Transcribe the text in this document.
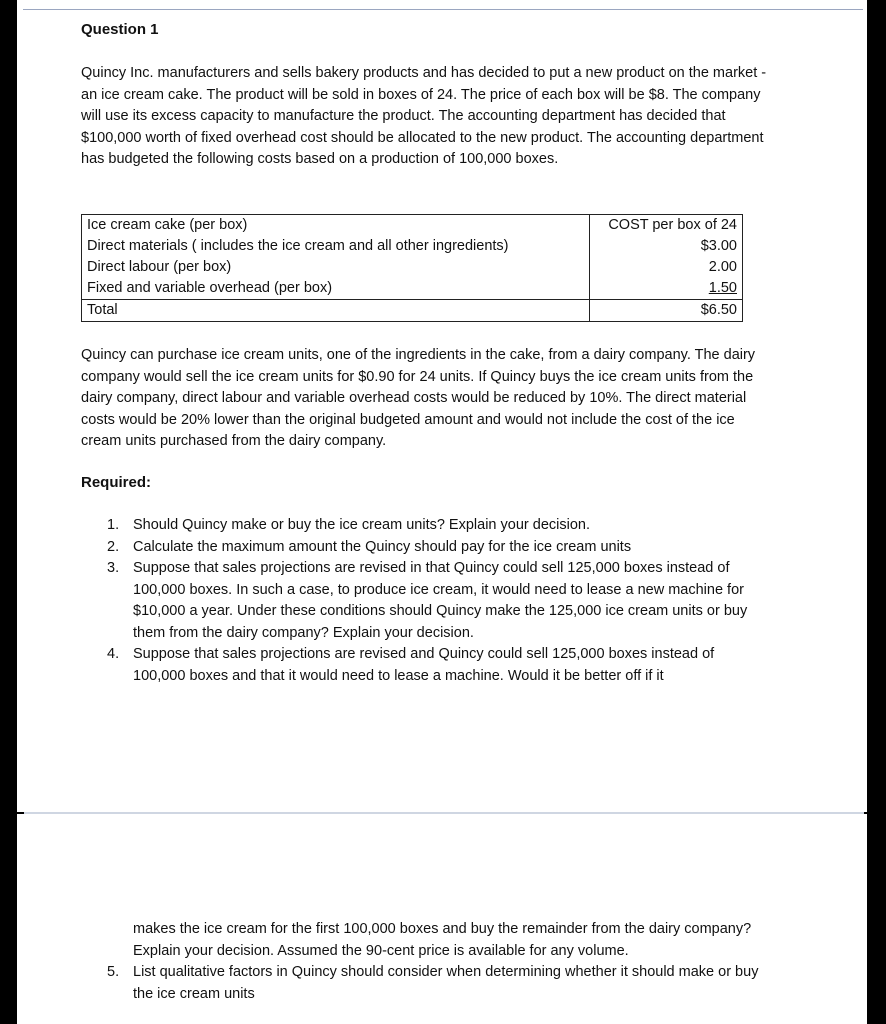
Question 1
Quincy Inc. manufacturers and sells bakery products and has decided to put a new product on the market - an ice cream cake. The product will be sold in boxes of 24. The price of each box will be $8. The company will use its excess capacity to manufacture the product. The accounting department has decided that $100,000 worth of fixed overhead cost should be allocated to the new product. The accounting department has budgeted the following costs based on a production of 100,000 boxes.
Ice cream cake (per box)	COST per box of 24
Direct materials ( includes the ice cream and all other ingredients)	$3.00
Direct labour (per box)	2.00
Fixed and variable overhead (per box)	1.50
Total	$6.50
Quincy can purchase ice cream units, one of the ingredients in the cake, from a dairy company. The dairy company would sell the ice cream units for $0.90 for 24 units. If Quincy buys the ice cream units from the dairy company, direct labour and variable overhead costs would be reduced by 10%. The direct material costs would be 20% lower than the original budgeted amount and would not include the cost of the ice cream units purchased from the dairy company.
Required:
1. Should Quincy make or buy the ice cream units? Explain your decision.
2. Calculate the maximum amount the Quincy should pay for the ice cream units
3. Suppose that sales projections are revised in that Quincy could sell 125,000 boxes instead of 100,000 boxes. In such a case, to produce ice cream, it would need to lease a new machine for $10,000 a year. Under these conditions should Quincy make the 125,000 ice cream units or buy them from the dairy company? Explain your decision.
4. Suppose that sales projections are revised and Quincy could sell 125,000 boxes instead of 100,000 boxes and that it would need to lease a machine. Would it be better off if it
makes the ice cream for the first 100,000 boxes and buy the remainder from the dairy company? Explain your decision. Assumed the 90-cent price is available for any volume.
5. List qualitative factors in Quincy should consider when determining whether it should make or buy the ice cream units
